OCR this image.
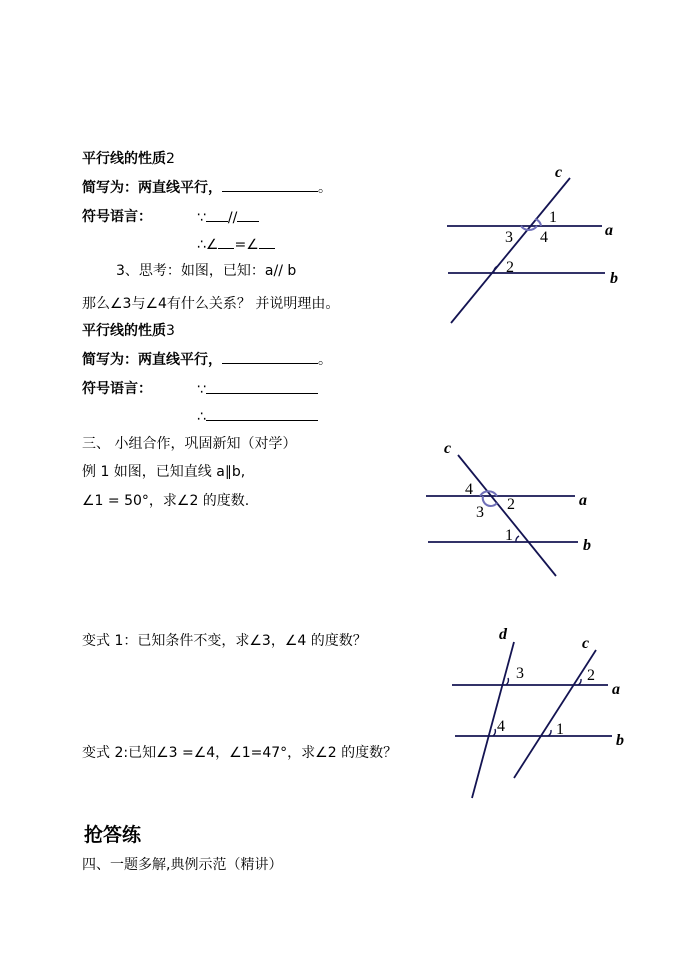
平行线的性质2
简写为：两直线平行，	。
符号语言：	∵ //
∴∠ =∠
3、思考：如图，已知：a// b
那么∠3与∠4有什么关系？ 并说明理由。
平行线的性质3
简写为：两直线平行，	。
符号语言：	∵
∴
三、 小组合作，巩固新知（对学）
例 1 如图，已知直线 a∥b,
∠1 = 50°，求∠2 的度数.
变式 1：已知条件不变，求∠3，∠4 的度数？
变式 2:已知∠3 =∠4，∠1=47°，求∠2 的度数？
抢答练
四、一题多解,典例示范（精讲）
c
a
b
1
3 4
2
c
a
b
4
2
3
1
d
c
a
b
3	2
4	1
